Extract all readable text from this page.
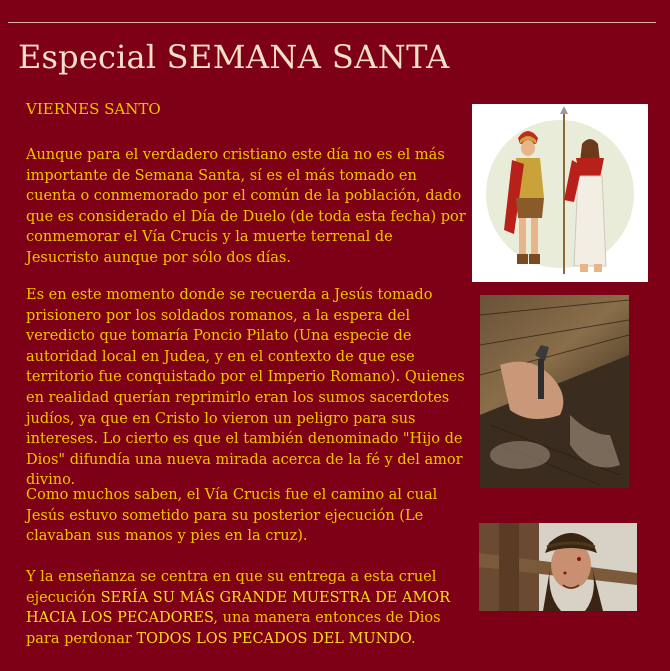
Especial SEMANA SANTA
VIERNES SANTO

Aunque para el verdadero cristiano este día no es el más importante de Semana Santa, sí es el más tomado en cuenta o conmemorado por el común de la población, dado que es considerado el Día de Duelo (de toda esta fecha) por conmemorar el Vía Crucis y la muerte terrenal de Jesucristo aunque por sólo dos días.

Es en este momento donde se recuerda a Jesús tomado prisionero por los soldados romanos, a la espera del veredicto que tomaría Poncio Pilato (Una especie de autoridad local en Judea, y en el contexto de que ese territorio fue conquistado por el Imperio Romano). Quienes en realidad querían reprimirlo eran los sumos sacerdotes judíos, ya que en Cristo lo vieron un peligro para sus intereses. Lo cierto es que el también denominado "Hijo de Dios" difundía una nueva mirada acerca de la fé y del amor divino.

Como muchos saben, el Vía Crucis fue el camino al cual Jesús estuvo sometido para su posterior ejecución (Le clavaban sus manos y pies en la cruz).

Y la enseñanza se centra en que su entrega a esta cruel ejecución SERÍA SU MÁS GRANDE MUESTRA DE AMOR HACIA LOS PECADORES, una manera entonces de Dios para perdonar TODOS LOS PECADOS DEL MUNDO.
